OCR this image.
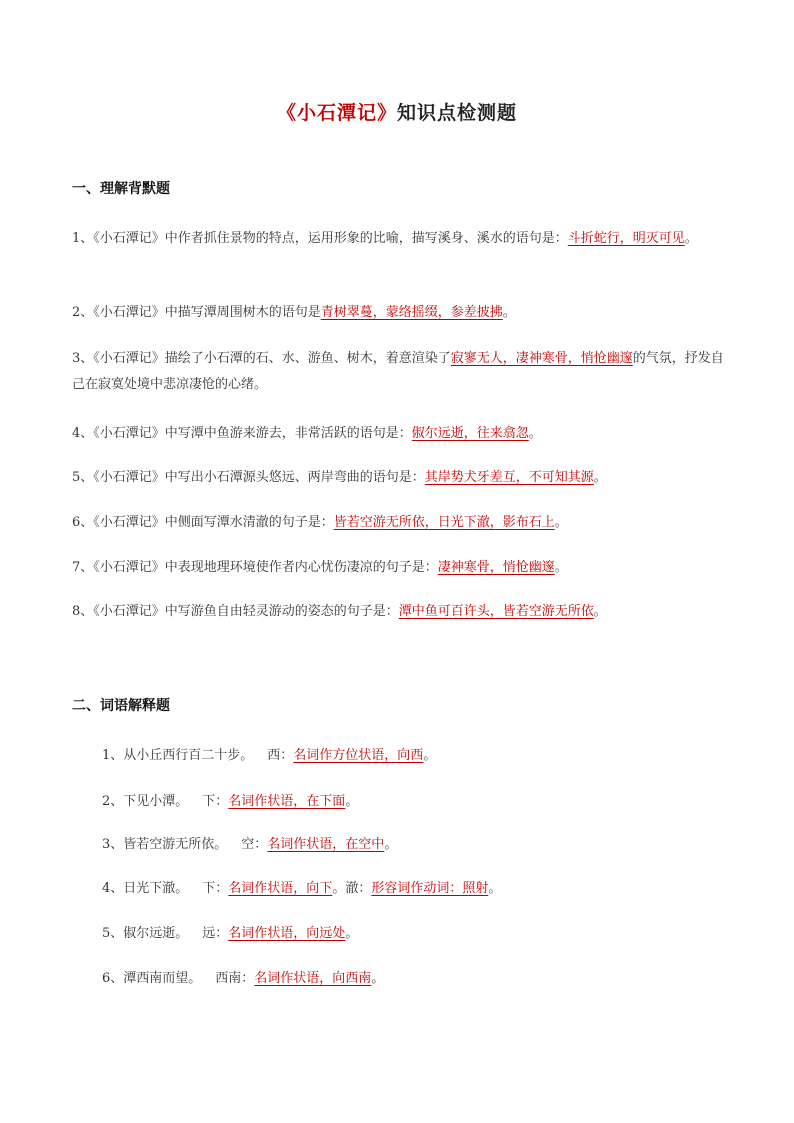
《小石潭记》知识点检测题
一、理解背默题
1、《小石潭记》中作者抓住景物的特点，运用形象的比喻，描写溪身、溪水的语句是：斗折蛇行，明灭可见。
2、《小石潭记》中描写潭周围树木的语句是青树翠蔓，蒙络摇缀，参差披拂。
3、《小石潭记》描绘了小石潭的石、水、游鱼、树木，着意渲染了寂寥无人，凄神寒骨，悄怆幽邃的气氛，抒发自己在寂寞处境中悲凉凄怆的心绪。
4、《小石潭记》中写潭中鱼游来游去，非常活跃的语句是：俶尔远逝，往来翕忽。
5、《小石潭记》中写出小石潭源头悠远、两岸弯曲的语句是：其岸势犬牙差互，不可知其源。
6、《小石潭记》中侧面写潭水清澈的句子是：皆若空游无所依，日光下澈，影布石上。
7、《小石潭记》中表现地理环境使作者内心忧伤凄凉的句子是：凄神寒骨，悄怆幽邃。
8、《小石潭记》中写游鱼自由轻灵游动的姿态的句子是：潭中鱼可百许头，皆若空游无所依。
二、词语解释题
1、从小丘西行百二十步。 西：名词作方位状语，向西。
2、下见小潭。 下：名词作状语，在下面。
3、皆若空游无所依。 空：名词作状语，在空中。
4、日光下澈。 下：名词作状语，向下。澈：形容词作动词：照射。
5、俶尔远逝。 远：名词作状语，向远处。
6、潭西南而望。 西南：名词作状语，向西南。
